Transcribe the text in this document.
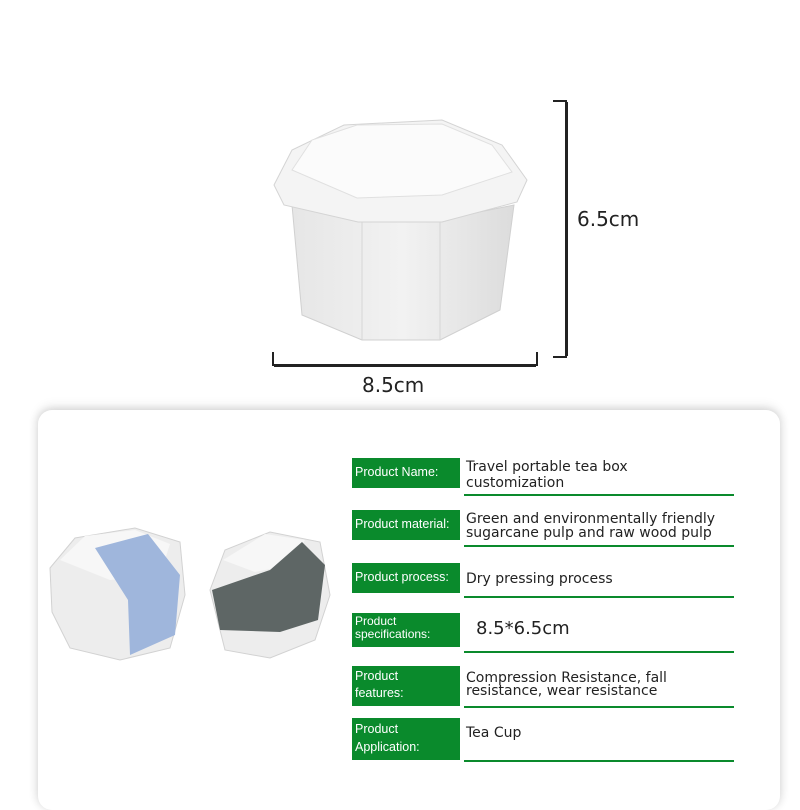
6.5cm
8.5cm
Product Name:	Travel portable tea box
customization
Product material:	Green and environmentally friendly
sugarcane pulp and raw wood pulp
Product process:	Dry pressing process
Product
specifications:	8.5*6.5cm
Product
features:
Compression Resistance, fall
resistance, wear resistance
Product
Application:
Tea Cup
